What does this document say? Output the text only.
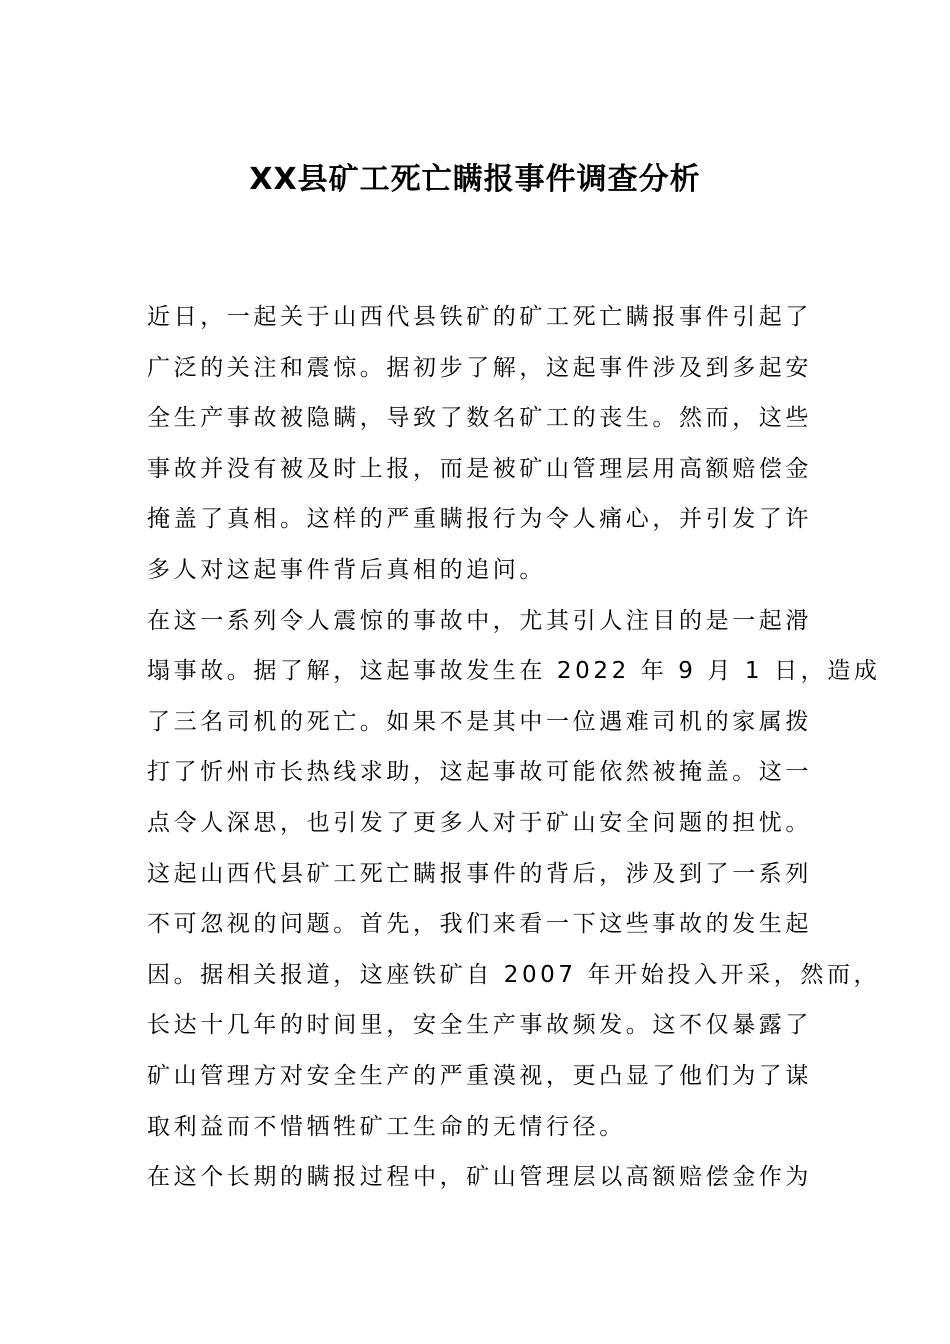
XX县矿工死亡瞒报事件调查分析
近日，一起关于山西代县铁矿的矿工死亡瞒报事件引起了
广泛的关注和震惊。据初步了解，这起事件涉及到多起安
全生产事故被隐瞒，导致了数名矿工的丧生。然而，这些
事故并没有被及时上报，而是被矿山管理层用高额赔偿金
掩盖了真相。这样的严重瞒报行为令人痛心，并引发了许
多人对这起事件背后真相的追问。
在这一系列令人震惊的事故中，尤其引人注目的是一起滑
塌事故。据了解，这起事故发生在 2022 年 9 月 1 日，造成
了三名司机的死亡。如果不是其中一位遇难司机的家属拨
打了忻州市长热线求助，这起事故可能依然被掩盖。这一
点令人深思，也引发了更多人对于矿山安全问题的担忧。
这起山西代县矿工死亡瞒报事件的背后，涉及到了一系列
不可忽视的问题。首先，我们来看一下这些事故的发生起
因。据相关报道，这座铁矿自 2007 年开始投入开采，然而，
长达十几年的时间里，安全生产事故频发。这不仅暴露了
矿山管理方对安全生产的严重漠视，更凸显了他们为了谋
取利益而不惜牺牲矿工生命的无情行径。
在这个长期的瞒报过程中，矿山管理层以高额赔偿金作为
